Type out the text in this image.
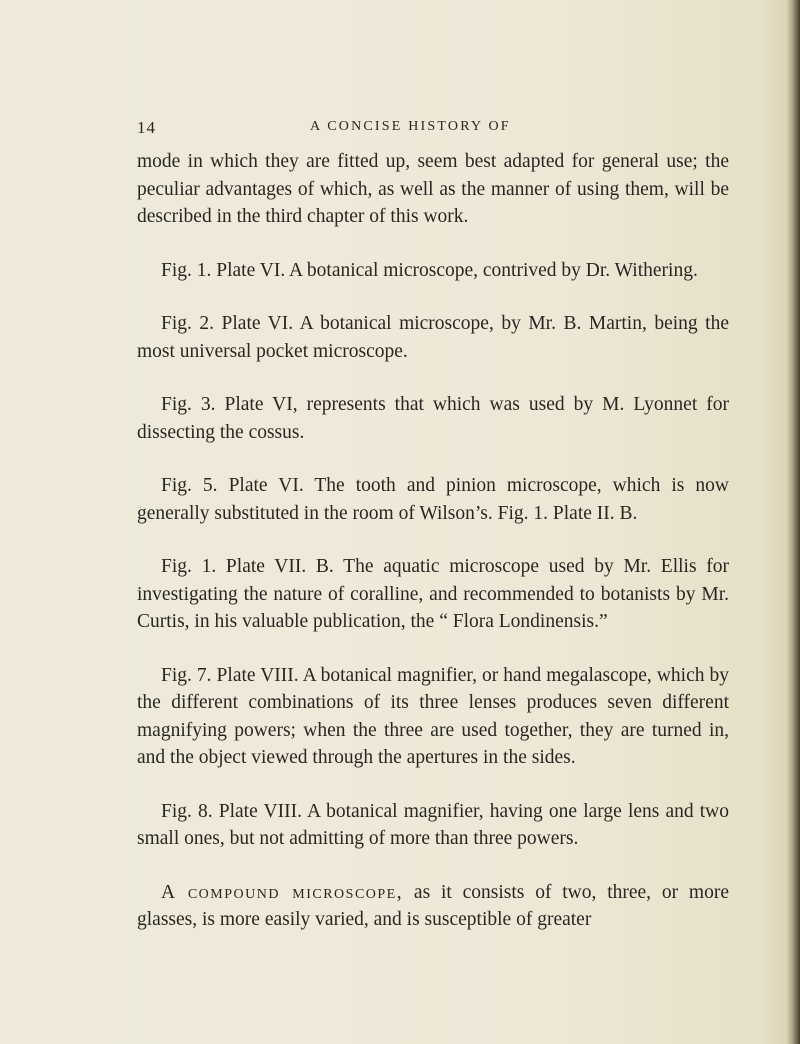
14	A CONCISE HISTORY OF

mode in which they are fitted up, seem best adapted for general use; the peculiar advantages of which, as well as the manner of using them, will be described in the third chapter of this work.

Fig. 1. Plate VI. A botanical microscope, contrived by Dr. Withering.

Fig. 2. Plate VI. A botanical microscope, by Mr. B. Martin, being the most universal pocket microscope.

Fig. 3. Plate VI, represents that which was used by M. Lyonnet for dissecting the cossus.

Fig. 5. Plate VI. The tooth and pinion microscope, which is now generally substituted in the room of Wilson’s. Fig. 1. Plate II. B.

Fig. 1. Plate VII. B. The aquatic microscope used by Mr. Ellis for investigating the nature of coralline, and recommended to botanists by Mr. Curtis, in his valuable publication, the “ Flora Londinensis.”

Fig. 7. Plate VIII. A botanical magnifier, or hand megalascope, which by the different combinations of its three lenses produces seven different magnifying powers; when the three are used together, they are turned in, and the object viewed through the apertures in the sides.

Fig. 8. Plate VIII. A botanical magnifier, having one large lens and two small ones, but not admitting of more than three powers.

A compound microscope, as it consists of two, three, or more glasses, is more easily varied, and is susceptible of greater
